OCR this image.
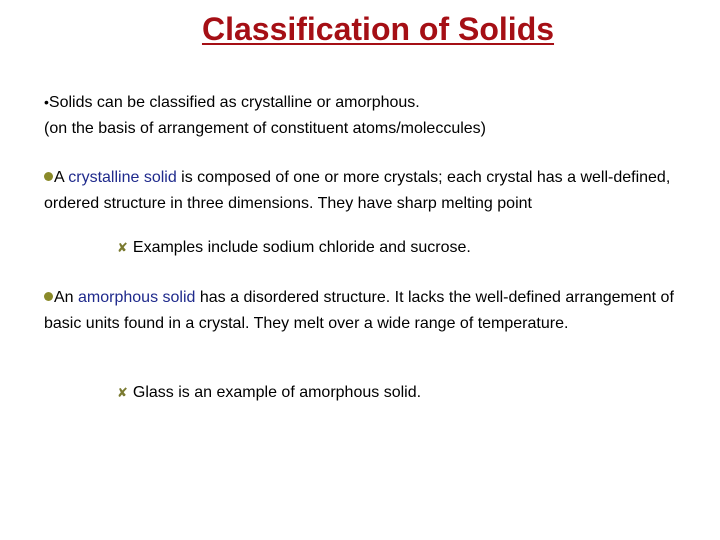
Classification of Solids
•Solids can be classified as crystalline or amorphous.
(on the basis of arrangement of constituent atoms/moleccules)
A crystalline solid is composed of one or more crystals; each crystal has a well-defined, ordered structure in three dimensions. They have sharp melting point
✘ Examples include sodium chloride and sucrose.
An amorphous solid has a disordered structure. It lacks the well-defined arrangement of basic units found in a crystal. They melt over a wide range of temperature.
✘ Glass is an example of amorphous solid.
